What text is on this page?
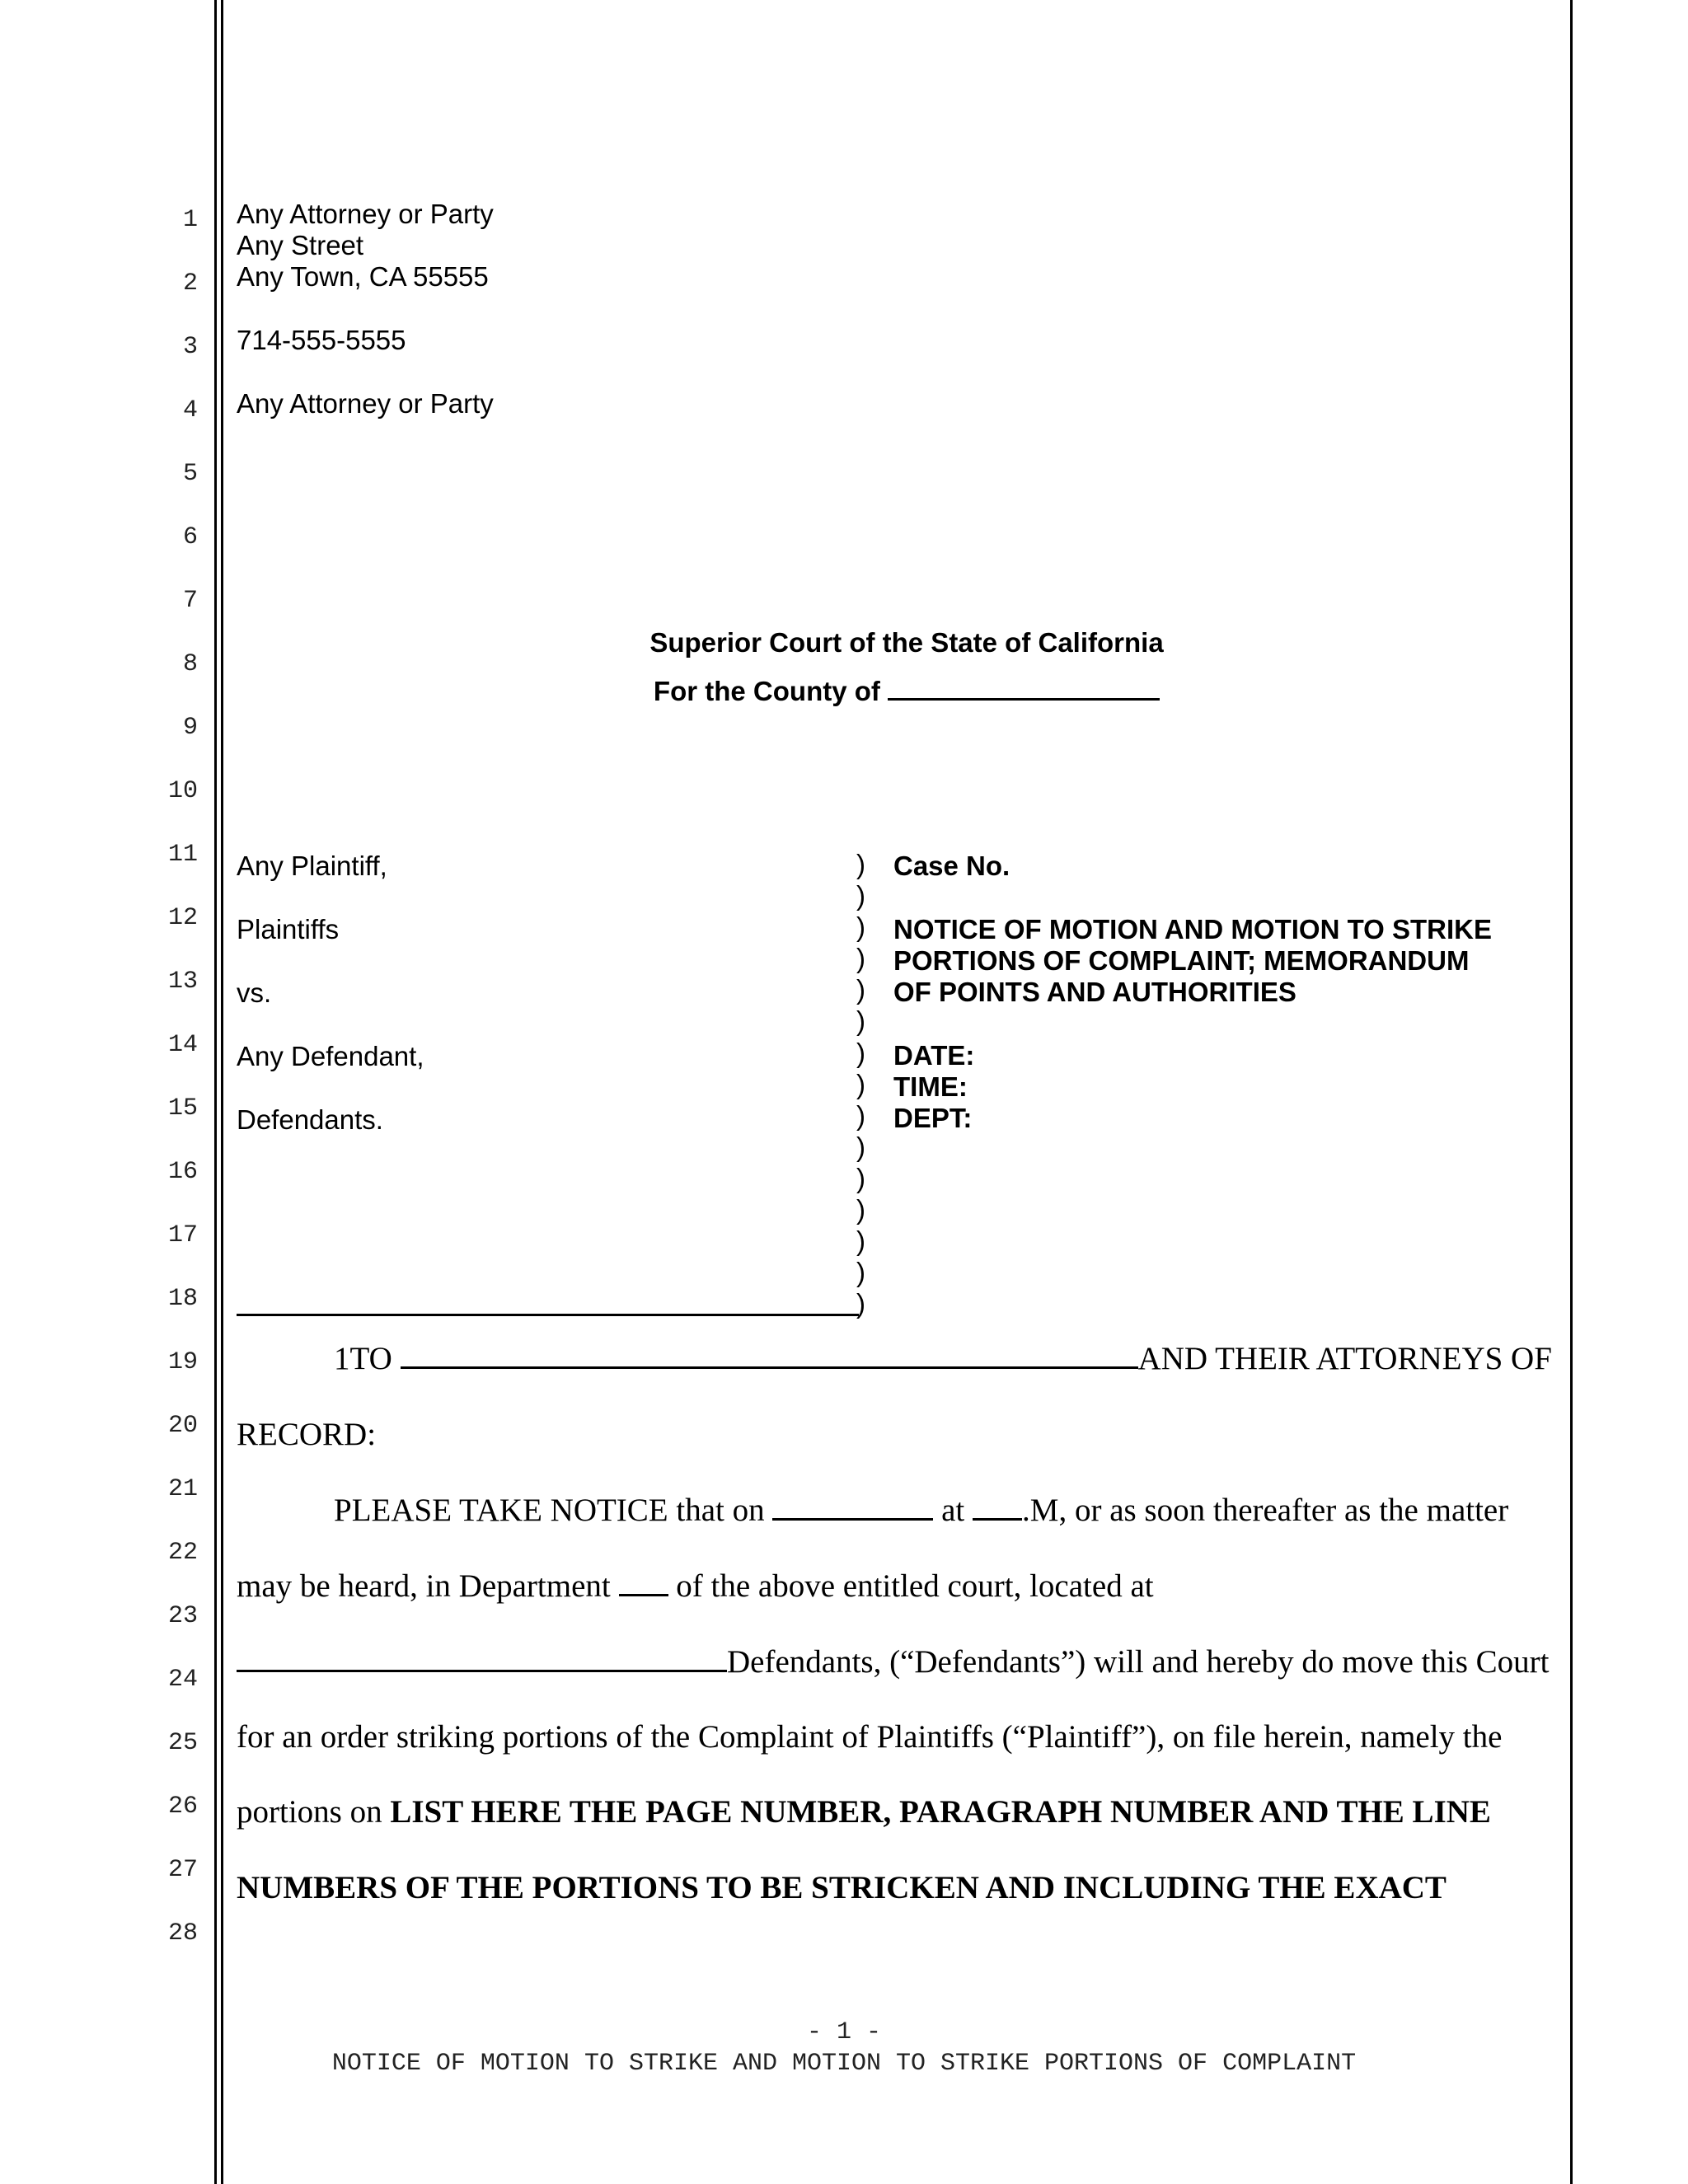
1
2
3
4
5
6
7
8
9
10
11
12
13
14
15
16
17
18
19
20
21
22
23
24
25
26
27
28
Any Attorney or Party
Any Street
Any Town, CA 55555
714-555-5555
Any Attorney or Party
Superior Court of the State of California
For the County of
Any Plaintiff,
Plaintiffs
vs.
Any Defendant,
Defendants.
)
)
)
)
)
)
)
)
)
)
)
)
)
)
)
Case No.
NOTICE OF MOTION AND MOTION TO STRIKE
PORTIONS OF COMPLAINT; MEMORANDUM
OF POINTS AND AUTHORITIES
DATE:
TIME:
DEPT:
1TO	AND THEIR ATTORNEYS OF
RECORD:
PLEASE TAKE NOTICE that on	at .M, or as soon thereafter as the matter
may be heard, in Department of the above entitled court, located at
Defendants, (“Defendants”) will and hereby do move this Court
for an order striking portions of the Complaint of Plaintiffs (“Plaintiff”), on file herein, namely the
portions on LIST HERE THE PAGE NUMBER, PARAGRAPH NUMBER AND THE LINE
NUMBERS OF THE PORTIONS TO BE STRICKEN AND INCLUDING THE EXACT
- 1 -
NOTICE OF MOTION TO STRIKE AND MOTION TO STRIKE PORTIONS OF COMPLAINT
